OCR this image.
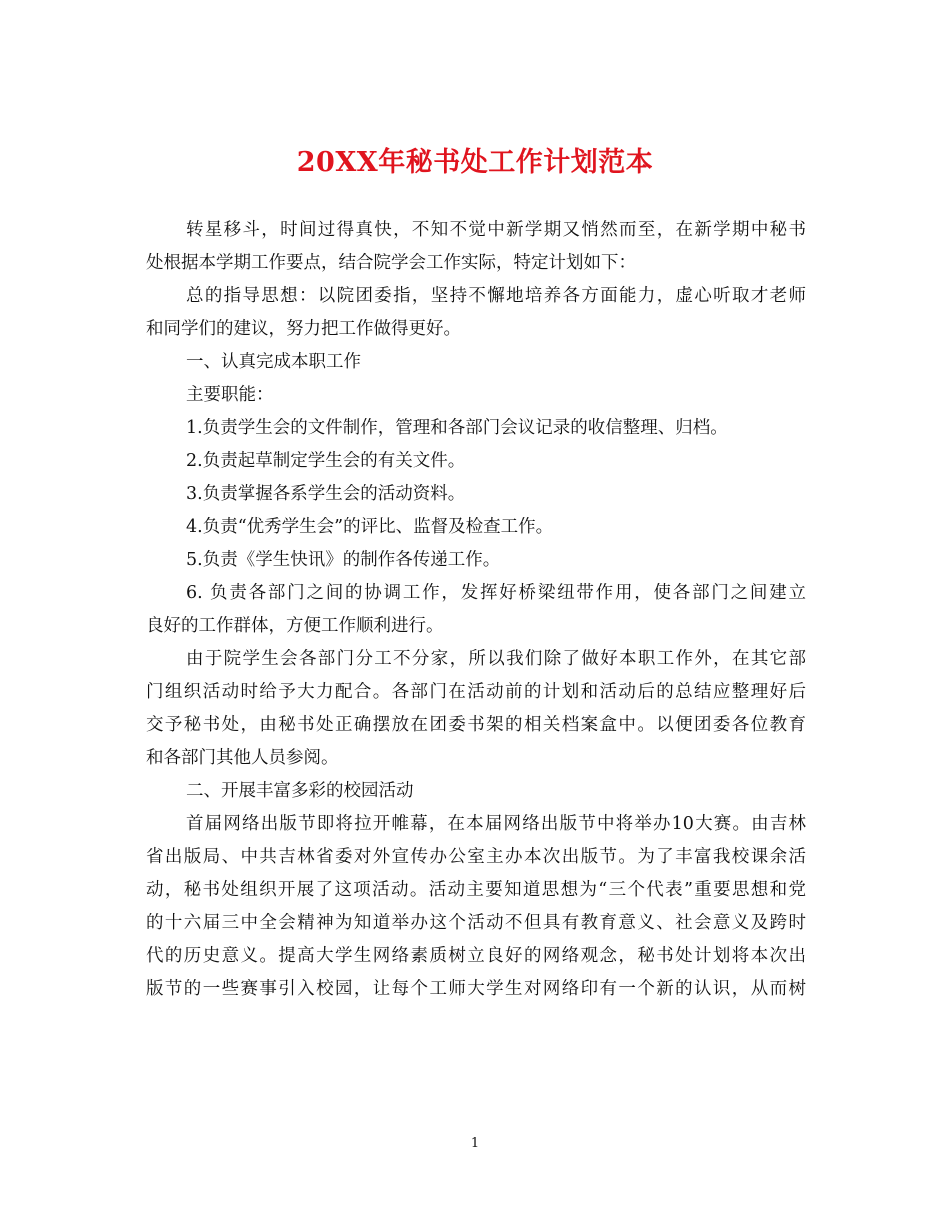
20XX年秘书处工作计划范本
转星移斗，时间过得真快，不知不觉中新学期又悄然而至，在新学期中秘书
处根据本学期工作要点，结合院学会工作实际，特定计划如下：
总的指导思想：以院团委指，坚持不懈地培养各方面能力，虚心听取才老师
和同学们的建议，努力把工作做得更好。
一、认真完成本职工作
主要职能：
1.负责学生会的文件制作，管理和各部门会议记录的收信整理、归档。
2.负责起草制定学生会的有关文件。
3.负责掌握各系学生会的活动资料。
4.负责“优秀学生会”的评比、监督及检查工作。
5.负责《学生快讯》的制作各传递工作。
6. 负责各部门之间的协调工作，发挥好桥梁纽带作用，使各部门之间建立
良好的工作群体，方便工作顺利进行。
由于院学生会各部门分工不分家，所以我们除了做好本职工作外，在其它部
门组织活动时给予大力配合。各部门在活动前的计划和活动后的总结应整理好后
交予秘书处，由秘书处正确摆放在团委书架的相关档案盒中。以便团委各位教育
和各部门其他人员参阅。
二、开展丰富多彩的校园活动
首届网络出版节即将拉开帷幕，在本届网络出版节中将举办10大赛。由吉林
省出版局、中共吉林省委对外宣传办公室主办本次出版节。为了丰富我校课余活
动，秘书处组织开展了这项活动。活动主要知道思想为“三个代表”重要思想和党
的十六届三中全会精神为知道举办这个活动不但具有教育意义、社会意义及跨时
代的历史意义。提高大学生网络素质树立良好的网络观念，秘书处计划将本次出
版节的一些赛事引入校园，让每个工师大学生对网络印有一个新的认识，从而树
1
